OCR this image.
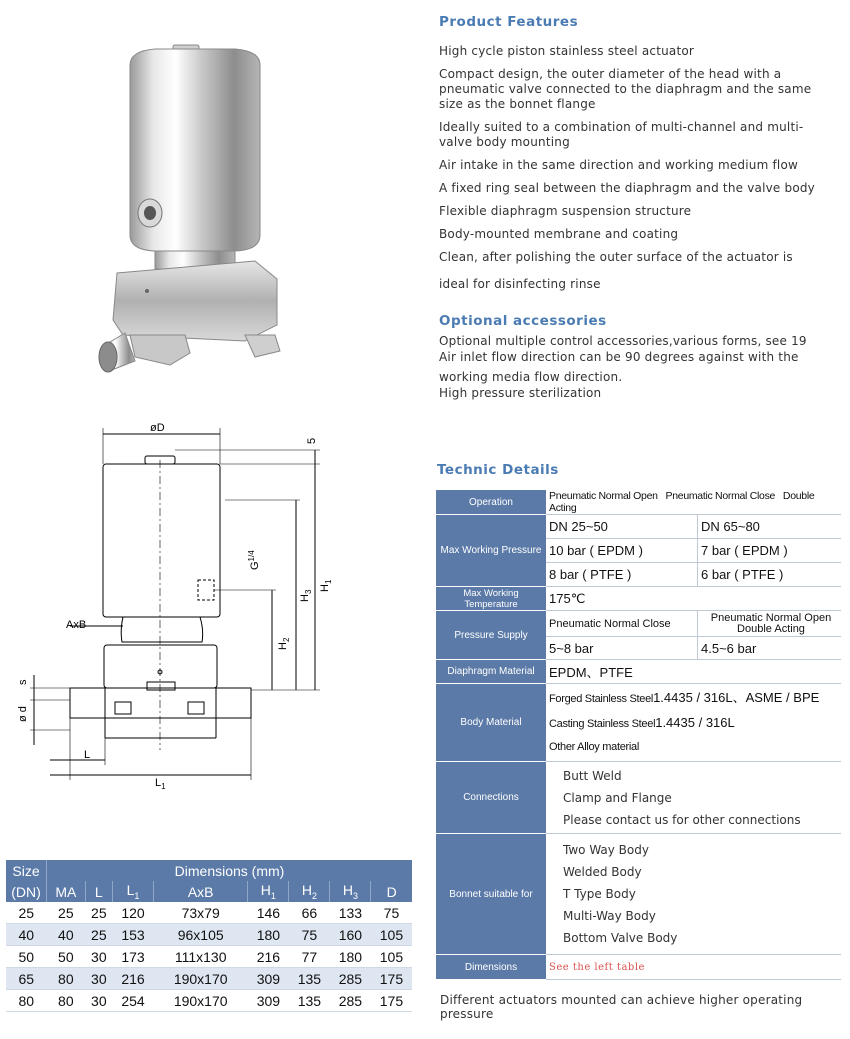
Product Features
High cycle piston stainless steel actuator
Compact design, the outer diameter of the head with a pneumatic valve connected to the diaphragm and the same size as the bonnet flange
Ideally suited to a combination of multi-channel and multi-valve body mounting
Air intake in the same direction and working medium flow
A fixed ring seal between the diaphragm and the valve body
Flexible diaphragm suspension structure
Body-mounted membrane and coating
Clean, after polishing the outer surface of the actuator is
ideal for disinfecting rinse
Optional accessories
Optional multiple control accessories,various forms, see 19
Air inlet flow direction can be 90 degrees against with the
working media flow direction.
High pressure sterilization
øD
5
$G^{1/4}$
AxB
$H_1$
$H_3$
$H_2$
s
ø d
L
$L_1$
Technic Details
Operation	Pneumatic Normal Open Pneumatic Normal Close Double Acting	
Max Working Pressure	DN 25~50	DN 65~80
	10 bar ( EPDM )	7 bar ( EPDM )
	8 bar ( PTFE )	6 bar ( PTFE )
Max Working Temperature	175℃	
Pressure Supply	Pneumatic Normal Close	Pneumatic Normal Open Double Acting
	5~8 bar	4.5~6 bar
Diaphragm Material	EPDM、PTFE	
Body Material	Forged Stainless Steel1.4435 / 316L、ASME / BPE
Casting Stainless Steel1.4435 / 316L
Other Alloy material	

Connections	Butt Weld
Clamp and Flange
Please contact us for other connections	

Bonnet suitable for	Two Way Body
Welded Body
T Type Body
Multi-Way Body
Bottom Valve Body	

Dimensions	See the left table	
Different actuators mounted can achieve higher operating pressure
Size	Dimensions (mm)							
(DN)	MA	L	$L_1$	AxB	$H_1$	$H_2$	$H_3$	D
25	25	25	120	73x79	146	66	133	75
40	40	25	153	96x105	180	75	160	105
50	50	30	173	111x130	216	77	180	105
65	80	30	216	190x170	309	135	285	175
80	80	30	254	190x170	309	135	285	175
